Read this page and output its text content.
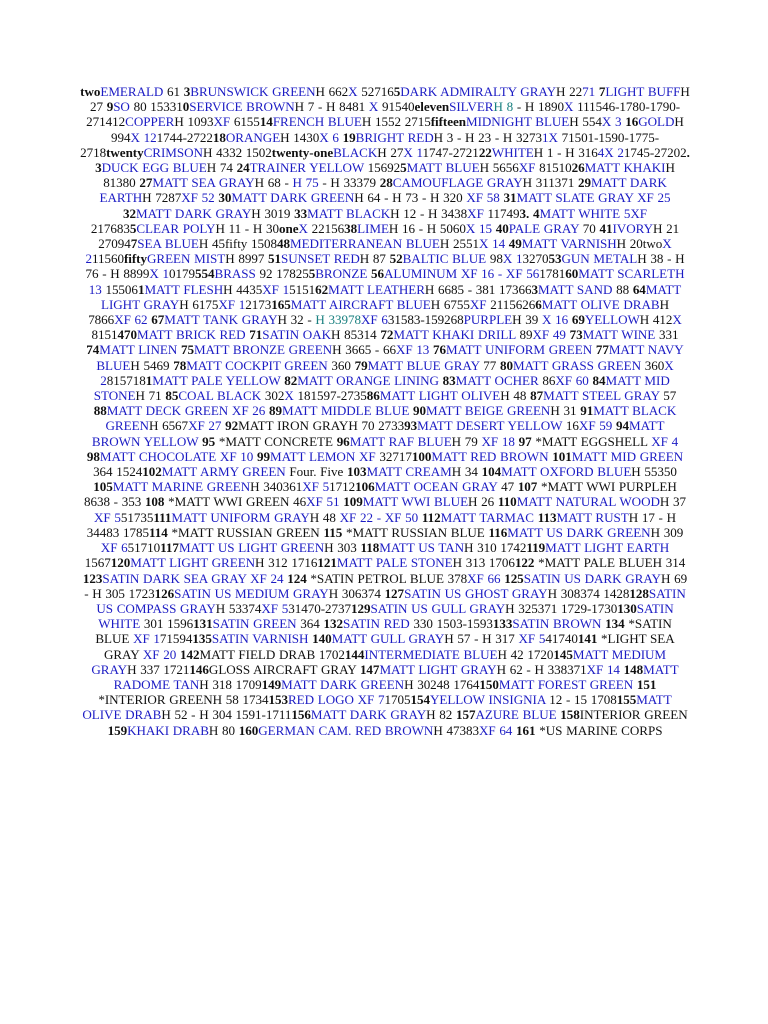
twoEMERALD 61 3BRUNSWICK GREENH 662X 527165DARK ADMIRALTY GRAYH 2271 7LIGHT BUFFH 27 9SO 80 153310SERVICE BROWNH 7 - H 8481 X 91540elevenSILVERH 8 - H 1890X 111546-1780-1790-271412COPPERH 1093XF 615514FRENCH BLUEH 1552 2715fifteenMIDNIGHT BLUEH 554X 3 16GOLDH 994X 121744-272218ORANGEH 1430X 6 19BRIGHT REDH 3 - H 23 - H 32731X 71501-1590-1775-2718twentyCRIMSONH 4332 1502twenty-oneBLACKH 27X 11747-272122WHITEH 1 - H 3164X 21745-27202. 3DUCK EGG BLUEH 74 24TRAINER YELLOW 156925MATT BLUEH 5656XF 8151026MATT KHAKIH 81380 27MATT SEA GRAYH 68 - H 75 - H 33379 28CAMOUFLAGE GRAYH 311371 29MATT DARK EARTHH 7287XF 52 30MATT DARK GREENH 64 - H 73 - H 320 XF 58 31MATT SLATE GRAY XF 25 32MATT DARK GRAYH 3019 33MATT BLACKH 12 - H 3438XF 117493. 4MATT WHITE 5XF 2176835CLEAR POLYH 11 - H 30oneX 2215638LIMEH 16 - H 5060X 15 40PALE GRAY 70 41IVORYH 21 270947SEA BLUEH 45fifty 150848MEDITERRANEAN BLUEH 2551X 14 49MATT VARNISHH 20twoX 211560fiftyGREEN MISTH 8997 51SUNSET REDH 87 52BALTIC BLUE 98X 1327053GUN METALH 38 - H 76 - H 8899X 10179554BRASS 92 178255BRONZE 56ALUMINUM XF 16 - XF 56178160MATT SCARLETH 13 155061MATT FLESHH 4435XF 1515162MATT LEATHERH 6685 - 381 173663MATT SAND 88 64MATT LIGHT GRAYH 6175XF 12173165MATT AIRCRAFT BLUEH 6755XF 21156266MATT OLIVE DRABH 7866XF 62 67MATT TANK GRAYH 32 - H 33978XF 631583-159268PURPLEH 39 X 16 69YELLOWH 412X 8151470MATT BRICK RED 71SATIN OAKH 85314 72MATT KHAKI DRILL 89XF 49 73MATT WINE 331 74MATT LINEN 75MATT BRONZE GREENH 3665 - 66XF 13 76MATT UNIFORM GREEN 77MATT NAVY BLUEH 5469 78MATT COCKPIT GREEN 360 79MATT BLUE GRAY 77 80MATT GRASS GREEN 360X 28157181MATT PALE YELLOW 82MATT ORANGE LINING 83MATT OCHER 86XF 60 84MATT MID STONEH 71 85COAL BLACK 302X 181597-273586MATT LIGHT OLIVEH 48 87MATT STEEL GRAY 57 88MATT DECK GREEN XF 26 89MATT MIDDLE BLUE 90MATT BEIGE GREENH 31 91MATT BLACK GREENH 6567XF 27 92MATT IRON GRAYH 70 273393MATT DESERT YELLOW 16XF 59 94MATT BROWN YELLOW 95 *MATT CONCRETE 96MATT RAF BLUEH 79 XF 18 97 *MATT EGGSHELL XF 4 98MATT CHOCOLATE XF 10 99MATT LEMON XF 32717100MATT RED BROWN 101MATT MID GREEN 364 1524102MATT ARMY GREEN Four. Five 103MATT CREAMH 34 104MATT OXFORD BLUEH 55350 105MATT MARINE GREENH 340361XF 51712106MATT OCEAN GRAY 47 107 *MATT WWI PURPLEH 8638 - 353 108 *MATT WWI GREEN 46XF 51 109MATT WWI BLUEH 26 110MATT NATURAL WOODH 37 XF 551735111MATT UNIFORM GRAYH 48 XF 22 - XF 50 112MATT TARMAC 113MATT RUSTH 17 - H 34483 1785114 *MATT RUSSIAN GREEN 115 *MATT RUSSIAN BLUE 116MATT US DARK GREENH 309 XF 651710117MATT US LIGHT GREENH 303 118MATT US TANH 310 1742119MATT LIGHT EARTH 1567120MATT LIGHT GREENH 312 1716121MATT PALE STONEH 313 1706122 *MATT PALE BLUEH 314 123SATIN DARK SEA GRAY XF 24 124 *SATIN PETROL BLUE 378XF 66 125SATIN US DARK GRAYH 69 - H 305 1723126SATIN US MEDIUM GRAYH 306374 127SATIN US GHOST GRAYH 308374 1428128SATIN US COMPASS GRAYH 53374XF 531470-2737129SATIN US GULL GRAYH 325371 1729-1730130SATIN WHITE 301 1596131SATIN GREEN 364 132SATIN RED 330 1503-1593133SATIN BROWN 134 *SATIN BLUE XF 171594135SATIN VARNISH 140MATT GULL GRAYH 57 - H 317 XF 541740141 *LIGHT SEA GRAY XF 20 142MATT FIELD DRAB 1702144INTERMEDIATE BLUEH 42 1720145MATT MEDIUM GRAYH 337 1721146GLOSS AIRCRAFT GRAY 147MATT LIGHT GRAYH 62 - H 338371XF 14 148MATT RADOME TANH 318 1709149MATT DARK GREENH 30248 1764150MATT FOREST GREEN 151 *INTERIOR GREENH 58 1734153RED LOGO XF 71705154YELLOW INSIGNIA 12 - 15 1708155MATT OLIVE DRABH 52 - H 304 1591-1711156MATT DARK GRAYH 82 157AZURE BLUE 158INTERIOR GREEN 159KHAKI DRABH 80 160GERMAN CAM. RED BROWNH 47383XF 64 161 *US MARINE CORPS
